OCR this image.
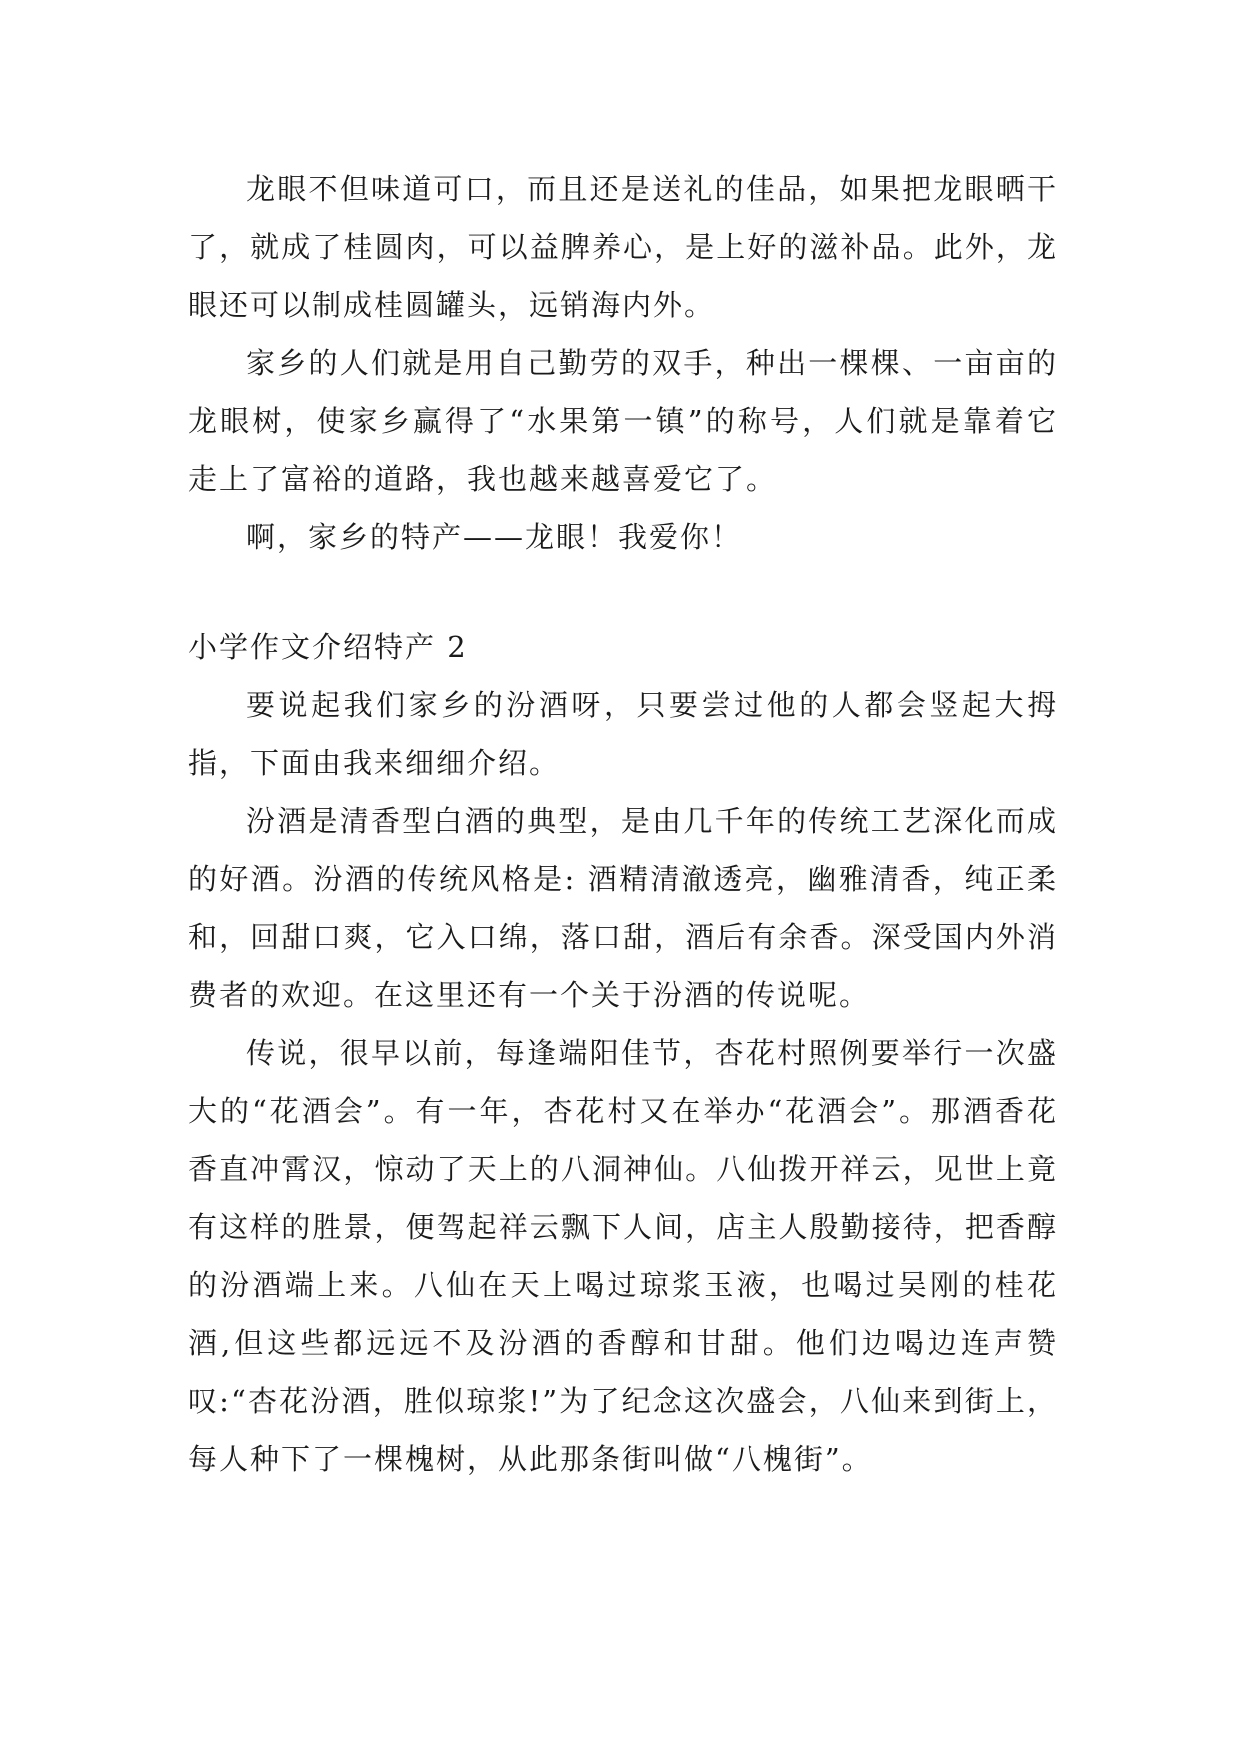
龙眼不但味道可口，而且还是送礼的佳品，如果把龙眼晒干了，就成了桂圆肉，可以益脾养心，是上好的滋补品。此外，龙眼还可以制成桂圆罐头，远销海内外。

家乡的人们就是用自己勤劳的双手，种出一棵棵、一亩亩的龙眼树，使家乡赢得了“水果第一镇”的称号，人们就是靠着它走上了富裕的道路，我也越来越喜爱它了。

啊，家乡的特产——龙眼！我爱你！

小学作文介绍特产 2

要说起我们家乡的汾酒呀，只要尝过他的人都会竖起大拇指，下面由我来细细介绍。

汾酒是清香型白酒的典型，是由几千年的传统工艺深化而成的好酒。汾酒的传统风格是: 酒精清澈透亮，幽雅清香，纯正柔和，回甜口爽，它入口绵，落口甜，酒后有余香。深受国内外消费者的欢迎。在这里还有一个关于汾酒的传说呢。

传说，很早以前，每逢端阳佳节，杏花村照例要举行一次盛大的“花酒会”。有一年，杏花村又在举办“花酒会”。那酒香花香直冲霄汉，惊动了天上的八洞神仙。八仙拨开祥云，见世上竟有这样的胜景，便驾起祥云飘下人间，店主人殷勤接待，把香醇的汾酒端上来。八仙在天上喝过琼浆玉液，也喝过吴刚的桂花酒,但这些都远远不及汾酒的香醇和甘甜。他们边喝边连声赞叹:“杏花汾酒，胜似琼浆!”为了纪念这次盛会，八仙来到街上，每人种下了一棵槐树，从此那条街叫做“八槐街”。
